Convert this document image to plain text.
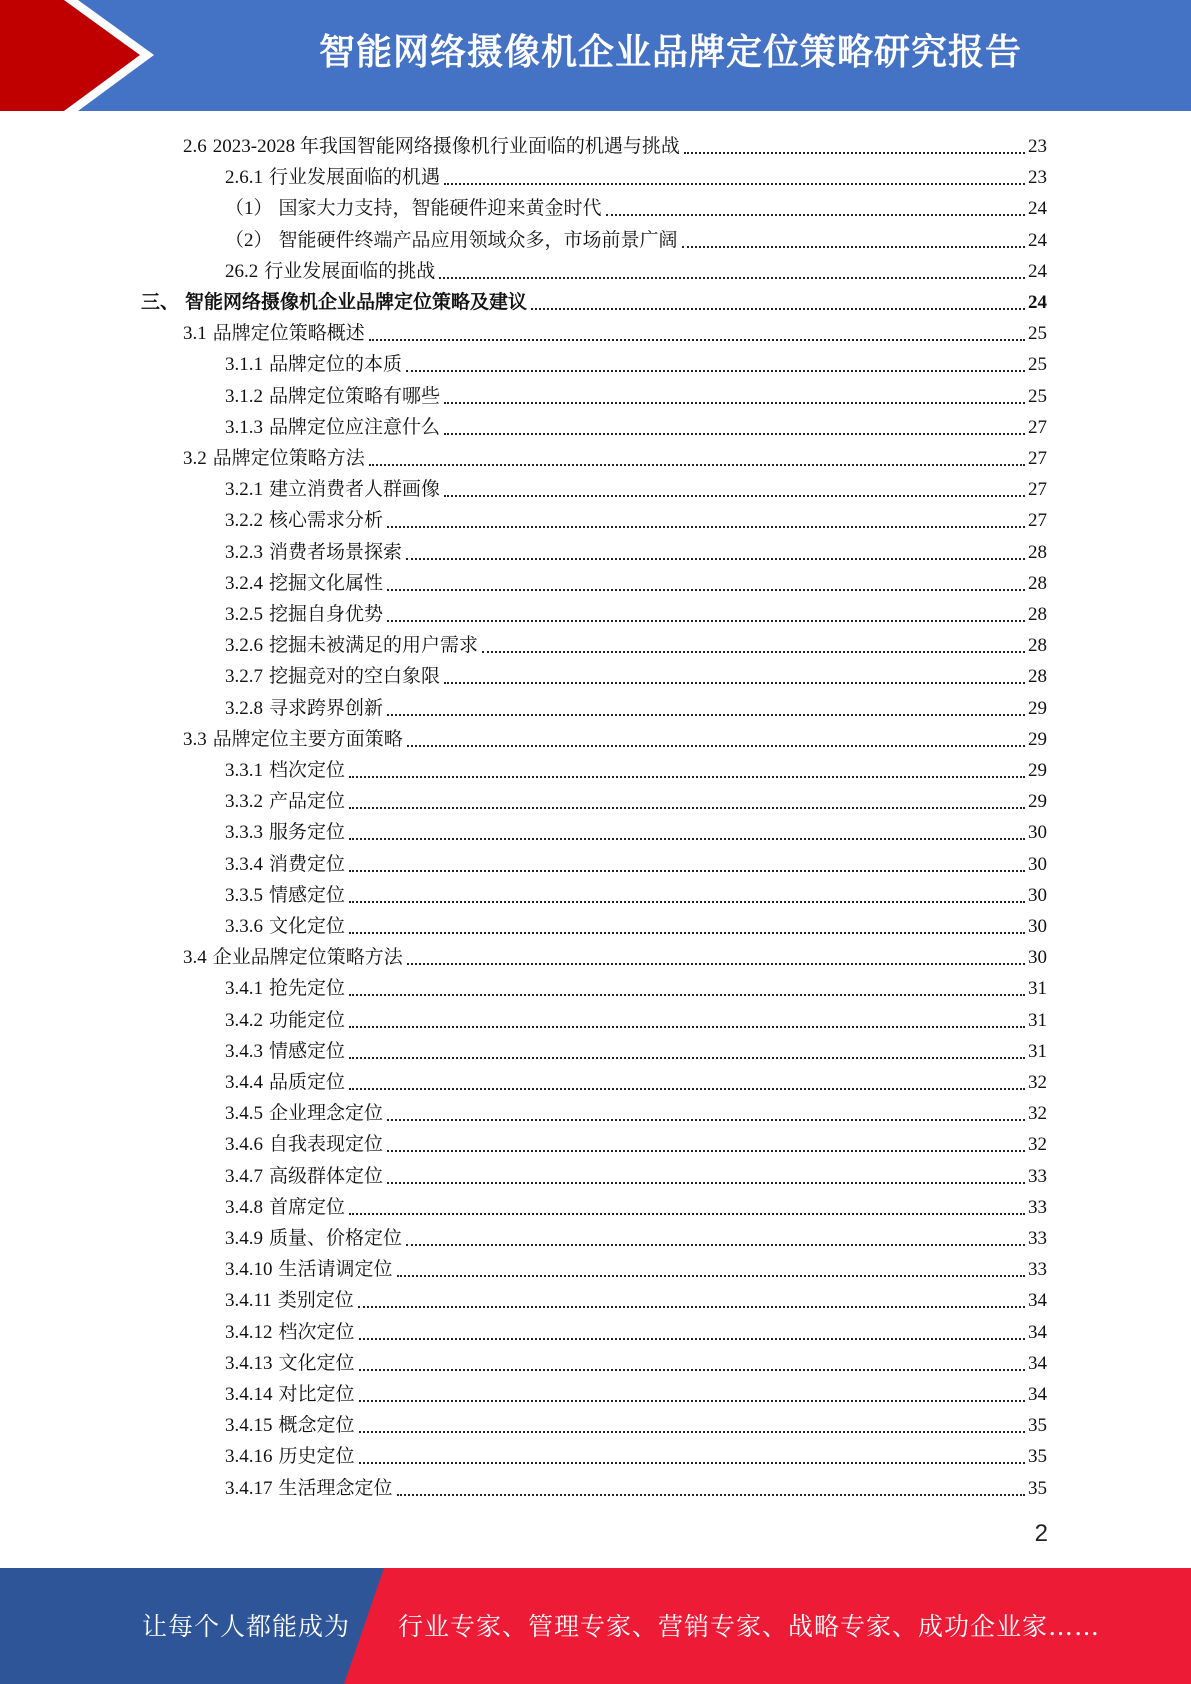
智能网络摄像机企业品牌定位策略研究报告
2.6 2023-2028 年我国智能网络摄像机行业面临的机遇与挑战	23
2.6.1 行业发展面临的机遇	23
（1） 国家大力支持，智能硬件迎来黄金时代	24
（2） 智能硬件终端产品应用领域众多，市场前景广阔	24
26.2 行业发展面临的挑战	24
三、 智能网络摄像机企业品牌定位策略及建议	24
3.1 品牌定位策略概述	25
3.1.1 品牌定位的本质	25
3.1.2 品牌定位策略有哪些	25
3.1.3 品牌定位应注意什么	27
3.2 品牌定位策略方法	27
3.2.1 建立消费者人群画像	27
3.2.2 核心需求分析	27
3.2.3 消费者场景探索	28
3.2.4 挖掘文化属性	28
3.2.5 挖掘自身优势	28
3.2.6 挖掘未被满足的用户需求	28
3.2.7 挖掘竞对的空白象限	28
3.2.8 寻求跨界创新	29
3.3 品牌定位主要方面策略	29
3.3.1 档次定位	29
3.3.2 产品定位	29
3.3.3 服务定位	30
3.3.4 消费定位	30
3.3.5 情感定位	30
3.3.6 文化定位	30
3.4 企业品牌定位策略方法	30
3.4.1 抢先定位	31
3.4.2 功能定位	31
3.4.3 情感定位	31
3.4.4 品质定位	32
3.4.5 企业理念定位	32
3.4.6 自我表现定位	32
3.4.7 高级群体定位	33
3.4.8 首席定位	33
3.4.9 质量、价格定位	33
3.4.10 生活请调定位	33
3.4.11 类别定位	34
3.4.12 档次定位	34
3.4.13 文化定位	34
3.4.14 对比定位	34
3.4.15 概念定位	35
3.4.16 历史定位	35
3.4.17 生活理念定位	35
2
让每个人都能成为 行业专家、管理专家、营销专家、战略专家、成功企业家……
